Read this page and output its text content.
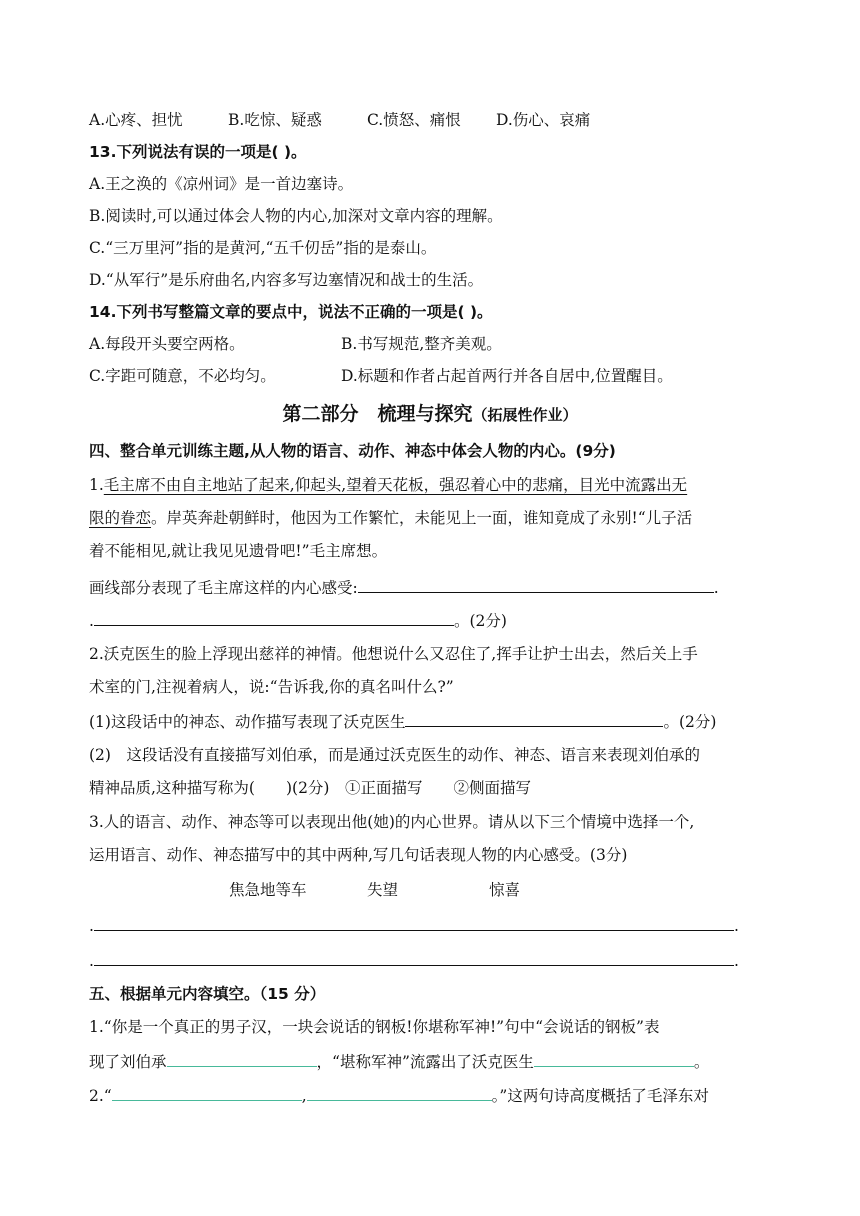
A.心疼、担忧	B.吃惊、疑惑	C.愤怒、痛恨 D.伤心、哀痛
13.下列说法有误的一项是( )。
A.王之涣的《凉州词》是一首边塞诗。
B.阅读时,可以通过体会人物的内心,加深对文章内容的理解。
C.“三万里河”指的是黄河,“五千仞岳”指的是泰山。
D.“从军行”是乐府曲名,内容多写边塞情况和战士的生活。
14.下列书写整篇文章的要点中，说法不正确的一项是( )。
A.每段开头要空两格。	B.书写规范,整齐美观。
C.字距可随意，不必均匀。	D.标题和作者占起首两行并各自居中,位置醒目。
第二部分　梳理与探究（拓展性作业）
四、整合单元训练主题,从人物的语言、动作、神态中体会人物的内心。(9分)
1.毛主席不由自主地站了起来,仰起头,望着天花板，强忍着心中的悲痛，目光中流露出无
限的眷恋。岸英奔赴朝鲜时，他因为工作繁忙，未能见上一面，谁知竟成了永别!“儿子活
着不能相见,就让我见见遗骨吧!”毛主席想。
画线部分表现了毛主席这样的内心感受:	.
.	。(2分)
2.沃克医生的脸上浮现出慈祥的神情。他想说什么又忍住了,挥手让护士出去，然后关上手
术室的门,注视着病人，说:“告诉我,你的真名叫什么?”
(1)这段话中的神态、动作描写表现了沃克医生	。(2分)
(2)　这段话没有直接描写刘伯承，而是通过沃克医生的动作、神态、语言来表现刘伯承的
精神品质,这种描写称为(　　)(2分)　①正面描写　　②侧面描写
3.人的语言、动作、神态等可以表现出他(她)的内心世界。请从以下三个情境中选择一个,
运用语言、动作、神态描写中的其中两种,写几句话表现人物的内心感受。(3分)
焦急地等车	失望	惊喜
.	.
.	.
五、根据单元内容填空。（15 分）
1.“你是一个真正的男子汉，一块会说话的钢板!你堪称军神!”句中“会说话的钢板”表
现了刘伯承	，“堪称军神”流露出了沃克医生	。
2.“	,	。”这两句诗高度概括了毛泽东对
